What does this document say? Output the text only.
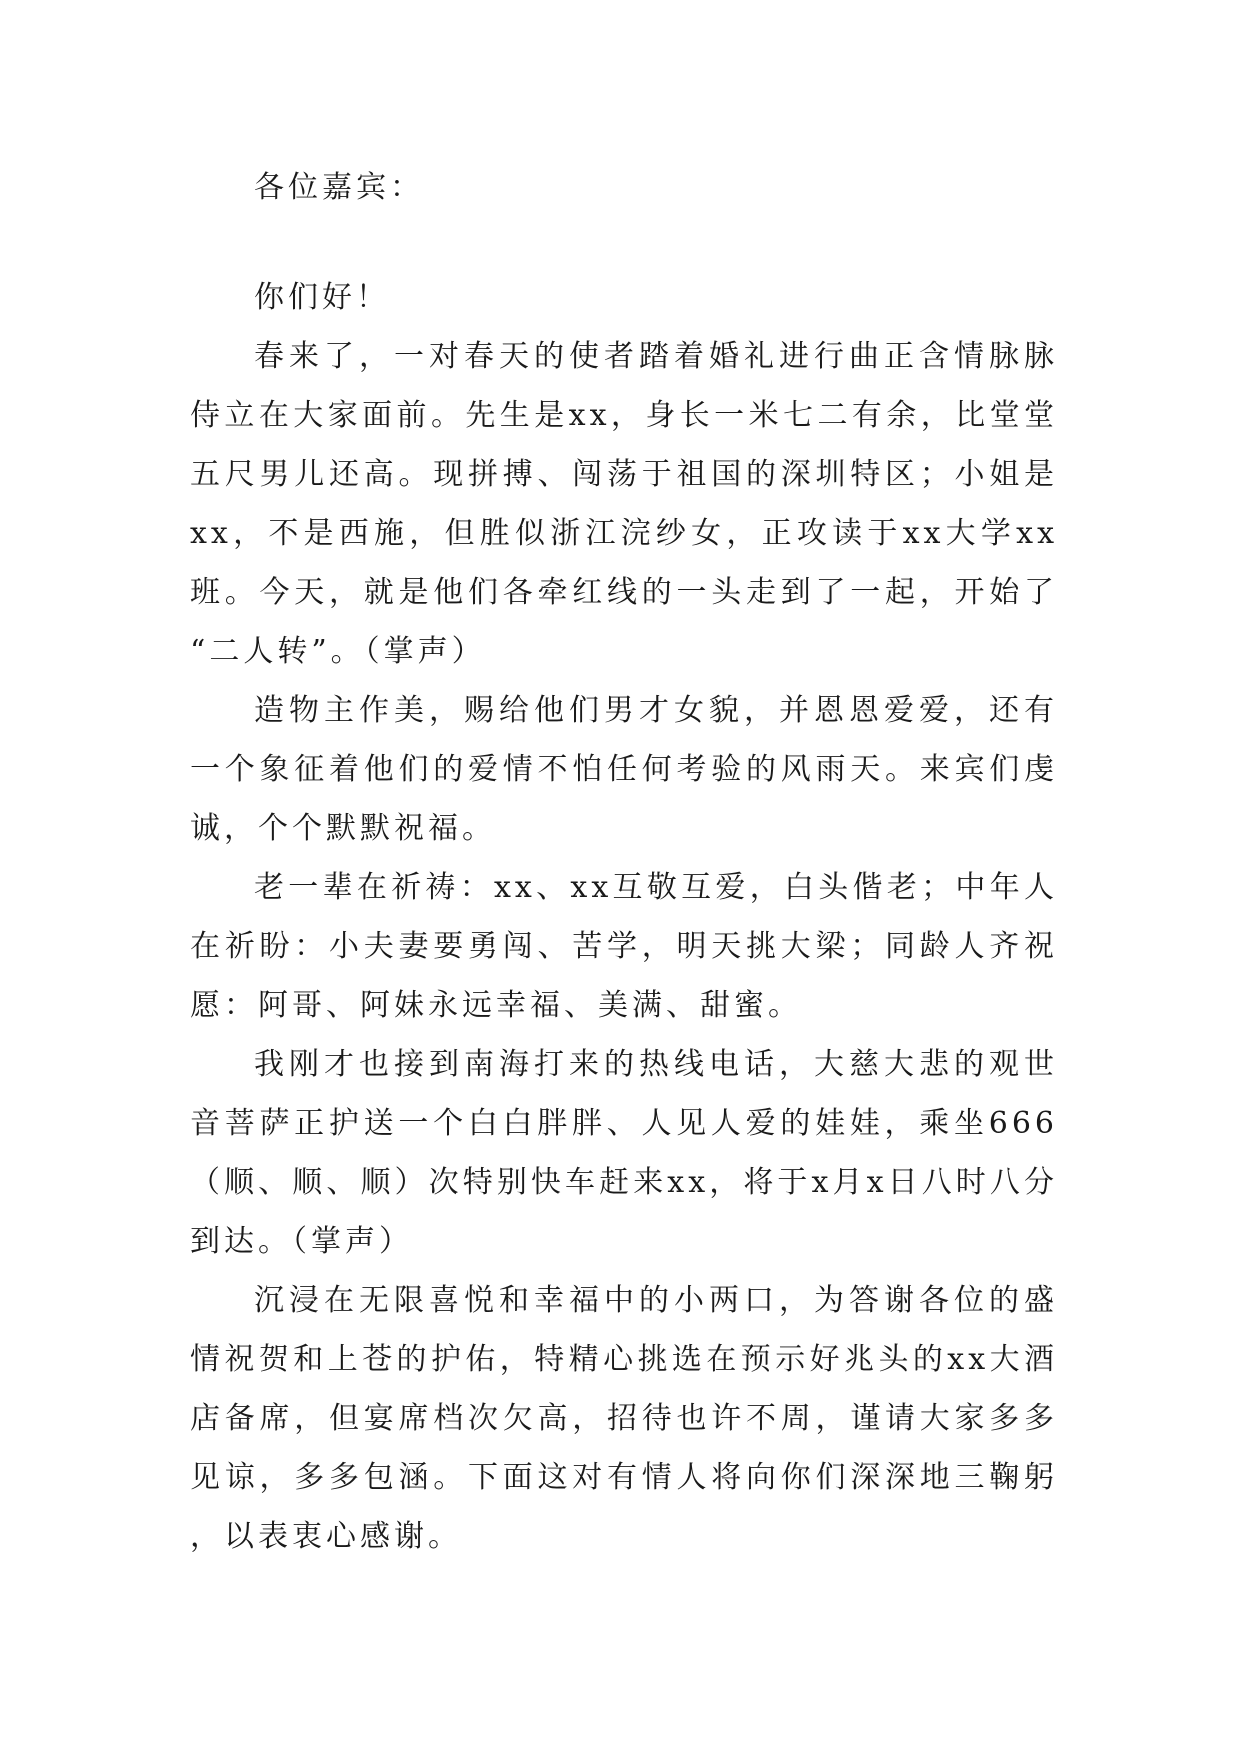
各位嘉宾：

你们好！

春来了，一对春天的使者踏着婚礼进行曲正含情脉脉侍立在大家面前。先生是xx，身长一米七二有余，比堂堂五尺男儿还高。现拼搏、闯荡于祖国的深圳特区；小姐是xx，不是西施，但胜似浙江浣纱女，正攻读于xx大学xx班。今天，就是他们各牵红线的一头走到了一起，开始了“二人转”。（掌声）

造物主作美，赐给他们男才女貌，并恩恩爱爱，还有一个象征着他们的爱情不怕任何考验的风雨天。来宾们虔诚，个个默默祝福。

老一辈在祈祷：xx、xx互敬互爱，白头偕老；中年人在祈盼：小夫妻要勇闯、苦学，明天挑大梁；同龄人齐祝愿：阿哥、阿妹永远幸福、美满、甜蜜。

我刚才也接到南海打来的热线电话，大慈大悲的观世音菩萨正护送一个白白胖胖、人见人爱的娃娃，乘坐666（顺、顺、顺）次特别快车赶来xx，将于x月x日八时八分到达。（掌声）

沉浸在无限喜悦和幸福中的小两口，为答谢各位的盛情祝贺和上苍的护佑，特精心挑选在预示好兆头的xx大酒店备席，但宴席档次欠高，招待也许不周，谨请大家多多见谅，多多包涵。下面这对有情人将向你们深深地三鞠躬，以表衷心感谢。
